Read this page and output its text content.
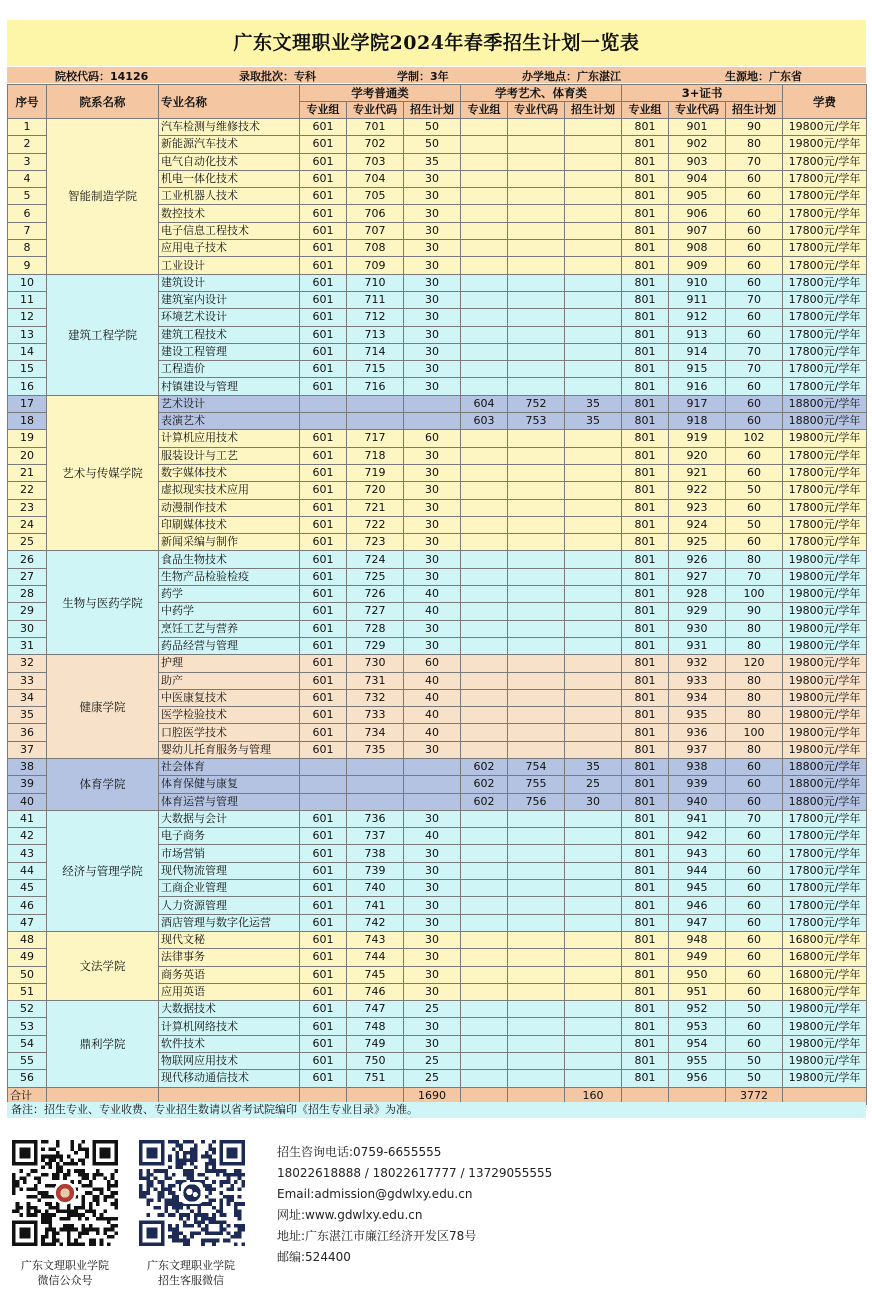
广东文理职业学院2024年春季招生计划一览表
院校代码：14126	录取批次：专科	学制：3年	办学地点：广东湛江	生源地：广东省
序号	院系名称	专业名称	学考普通类			学考艺术、体育类			3+证书			学费
			专业组	专业代码	招生计划	专业组	专业代码	招生计划	专业组	专业代码	招生计划	
1	智能制造学院	汽车检测与维修技术	601	701	50				801	901	90	19800元/学年
2		新能源汽车技术	601	702	50				801	902	80	19800元/学年
3		电气自动化技术	601	703	35				801	903	70	17800元/学年
4		机电一体化技术	601	704	30				801	904	60	17800元/学年
5		工业机器人技术	601	705	30				801	905	60	17800元/学年
6		数控技术	601	706	30				801	906	60	17800元/学年
7		电子信息工程技术	601	707	30				801	907	60	17800元/学年
8		应用电子技术	601	708	30				801	908	60	17800元/学年
9		工业设计	601	709	30				801	909	60	17800元/学年
10	建筑工程学院	建筑设计	601	710	30				801	910	60	17800元/学年
11		建筑室内设计	601	711	30				801	911	70	17800元/学年
12		环境艺术设计	601	712	30				801	912	60	17800元/学年
13		建筑工程技术	601	713	30				801	913	60	17800元/学年
14		建设工程管理	601	714	30				801	914	70	17800元/学年
15		工程造价	601	715	30				801	915	70	17800元/学年
16		村镇建设与管理	601	716	30				801	916	60	17800元/学年
17	艺术与传媒学院	艺术设计				604	752	35	801	917	60	18800元/学年
18		表演艺术				603	753	35	801	918	60	18800元/学年
19		计算机应用技术	601	717	60				801	919	102	19800元/学年
20		服装设计与工艺	601	718	30				801	920	60	17800元/学年
21		数字媒体技术	601	719	30				801	921	60	17800元/学年
22		虚拟现实技术应用	601	720	30				801	922	50	17800元/学年
23		动漫制作技术	601	721	30				801	923	60	17800元/学年
24		印刷媒体技术	601	722	30				801	924	50	17800元/学年
25		新闻采编与制作	601	723	30				801	925	60	17800元/学年
26	生物与医药学院	食品生物技术	601	724	30				801	926	80	19800元/学年
27		生物产品检验检疫	601	725	30				801	927	70	19800元/学年
28		药学	601	726	40				801	928	100	19800元/学年
29		中药学	601	727	40				801	929	90	19800元/学年
30		烹饪工艺与营养	601	728	30				801	930	80	19800元/学年
31		药品经营与管理	601	729	30				801	931	80	19800元/学年
32	健康学院	护理	601	730	60				801	932	120	19800元/学年
33		助产	601	731	40				801	933	80	19800元/学年
34		中医康复技术	601	732	40				801	934	80	19800元/学年
35		医学检验技术	601	733	40				801	935	80	19800元/学年
36		口腔医学技术	601	734	40				801	936	100	19800元/学年
37		婴幼儿托育服务与管理	601	735	30				801	937	80	19800元/学年
38	体育学院	社会体育				602	754	35	801	938	60	18800元/学年
39		体育保健与康复				602	755	25	801	939	60	18800元/学年
40		体育运营与管理				602	756	30	801	940	60	18800元/学年
41	经济与管理学院	大数据与会计	601	736	30				801	941	70	17800元/学年
42		电子商务	601	737	40				801	942	60	17800元/学年
43		市场营销	601	738	30				801	943	60	17800元/学年
44		现代物流管理	601	739	30				801	944	60	17800元/学年
45		工商企业管理	601	740	30				801	945	60	17800元/学年
46		人力资源管理	601	741	30				801	946	60	17800元/学年
47		酒店管理与数字化运营	601	742	30				801	947	60	17800元/学年
48	文法学院	现代文秘	601	743	30				801	948	60	16800元/学年
49		法律事务	601	744	30				801	949	60	16800元/学年
50		商务英语	601	745	30				801	950	60	16800元/学年
51		应用英语	601	746	30				801	951	60	16800元/学年
52	鼎利学院	大数据技术	601	747	25				801	952	50	19800元/学年
53		计算机网络技术	601	748	30				801	953	60	19800元/学年
54		软件技术	601	749	30				801	954	60	19800元/学年
55		物联网应用技术	601	750	25				801	955	50	19800元/学年
56		现代移动通信技术	601	751	25				801	956	50	19800元/学年
合计					1690			160			3772	
备注：招生专业、专业收费、专业招生数请以省考试院编印《招生专业目录》为准。
广东文理职业学院
微信公众号
广东文理职业学院
招生客服微信
招生咨询电话:0759-6655555
18022618888 / 18022617777 / 13729055555
Email:admission@gdwlxy.edu.cn
网址:www.gdwlxy.edu.cn
地址:广东湛江市廉江经济开发区78号
邮编:524400
